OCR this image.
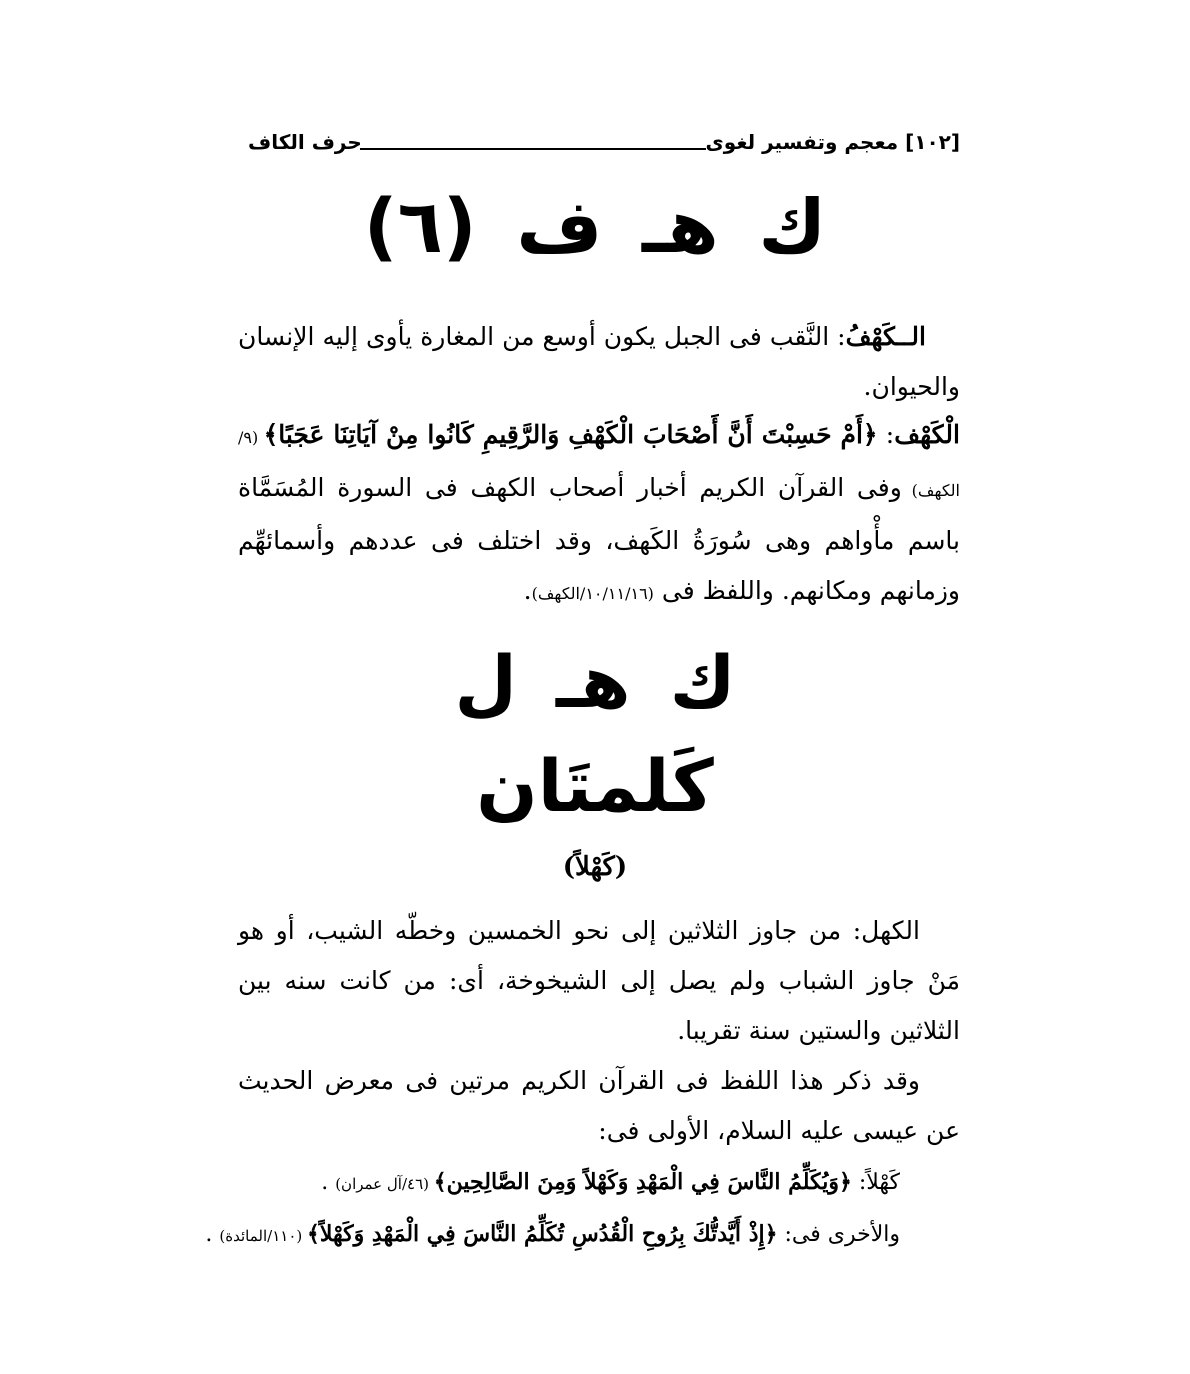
حرف الكاف	[١٠٢] معجم وتفسير لغوى
ك هـ ف (٦)

الــكَهْفُ: النَّقب فى الجبل يكون أوسع من المغارة يأوى إليه الإنسان والحيوان.

الْكَهْف: ﴿أَمْ حَسِبْتَ أَنَّ أَصْحَابَ الْكَهْفِ وَالرَّقِيمِ كَانُوا مِنْ آيَاتِنَا عَجَبًا﴾ (٩/الكهف) وفى القرآن الكريم أخبار أصحاب الكهف فى السورة المُسَمَّاة باسم مأْواهم وهى سُورَةُ الكَهف، وقد اختلف فى عددهم وأسمائهِّم وزمانهم ومكانهم. واللفظ فى (١٠/١١/١٦/الكهف).

ك هـ ل
كَلمتَان
(كَهْلاً)

الكهل: من جاوز الثلاثين إلى نحو الخمسين وخطّه الشيب، أو هو مَنْ جاوز الشباب ولم يصل إلى الشيخوخة، أى: من كانت سنه بين الثلاثين والستين سنة تقريبا.

وقد ذكر هذا اللفظ فى القرآن الكريم مرتين فى معرض الحديث عن عيسى عليه السلام، الأولى فى:

كَهْلاً: ﴿وَيُكَلِّمُ النَّاسَ فِي الْمَهْدِ وَكَهْلاً وَمِنَ الصَّالِحِين﴾ (٤٦/آل عمران) .
والأخرى فى: ﴿إِذْ أَيَّدتُّكَ بِرُوحِ الْقُدُسِ تُكَلِّمُ النَّاسَ فِي الْمَهْدِ وَكَهْلاً﴾ (١١٠/المائدة) .
